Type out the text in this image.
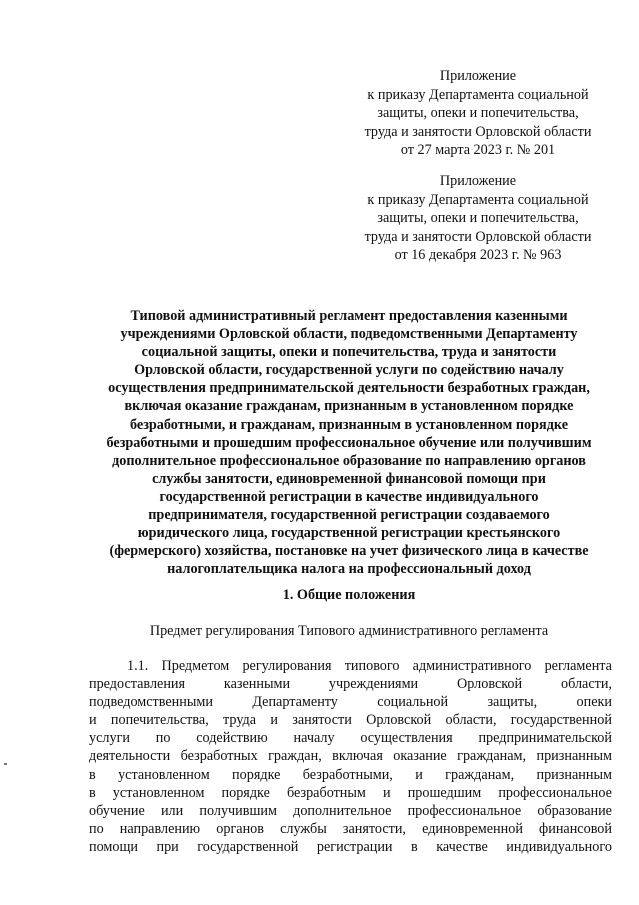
Приложение
к приказу Департамента социальной
защиты, опеки и попечительства,
труда и занятости Орловской области
от 27 марта 2023 г. № 201
Приложение
к приказу Департамента социальной
защиты, опеки и попечительства,
труда и занятости Орловской области
от 16 декабря 2023 г. № 963
Типовой административный регламент предоставления казенными
учреждениями Орловской области, подведомственными Департаменту
социальной защиты, опеки и попечительства, труда и занятости
Орловской области, государственной услуги по содействию началу
осуществления предпринимательской деятельности безработных граждан,
включая оказание гражданам, признанным в установленном порядке
безработными, и гражданам, признанным в установленном порядке
безработными и прошедшим профессиональное обучение или получившим
дополнительное профессиональное образование по направлению органов
службы занятости, единовременной финансовой помощи при
государственной регистрации в качестве индивидуального
предпринимателя, государственной регистрации создаваемого
юридического лица, государственной регистрации крестьянского
(фермерского) хозяйства, постановке на учет физического лица в качестве
налогоплательщика налога на профессиональный доход
1. Общие положения
Предмет регулирования Типового административного регламента
1.1. Предметом регулирования типового административного регламента
предоставления	казенными	учреждениями	Орловской	области,
подведомственными	Департаменту	социальной	защиты,	опеки
и попечительства, труда и занятости Орловской области, государственной
услуги по содействию началу осуществления предпринимательской
деятельности безработных граждан, включая оказание гражданам, признанным
в установленном порядке безработными, и гражданам, признанным
в установленном порядке безработным и прошедшим профессиональное
обучение или получившим дополнительное профессиональное образование
по направлению органов службы занятости, единовременной финансовой
помощи при государственной регистрации в качестве индивидуального
